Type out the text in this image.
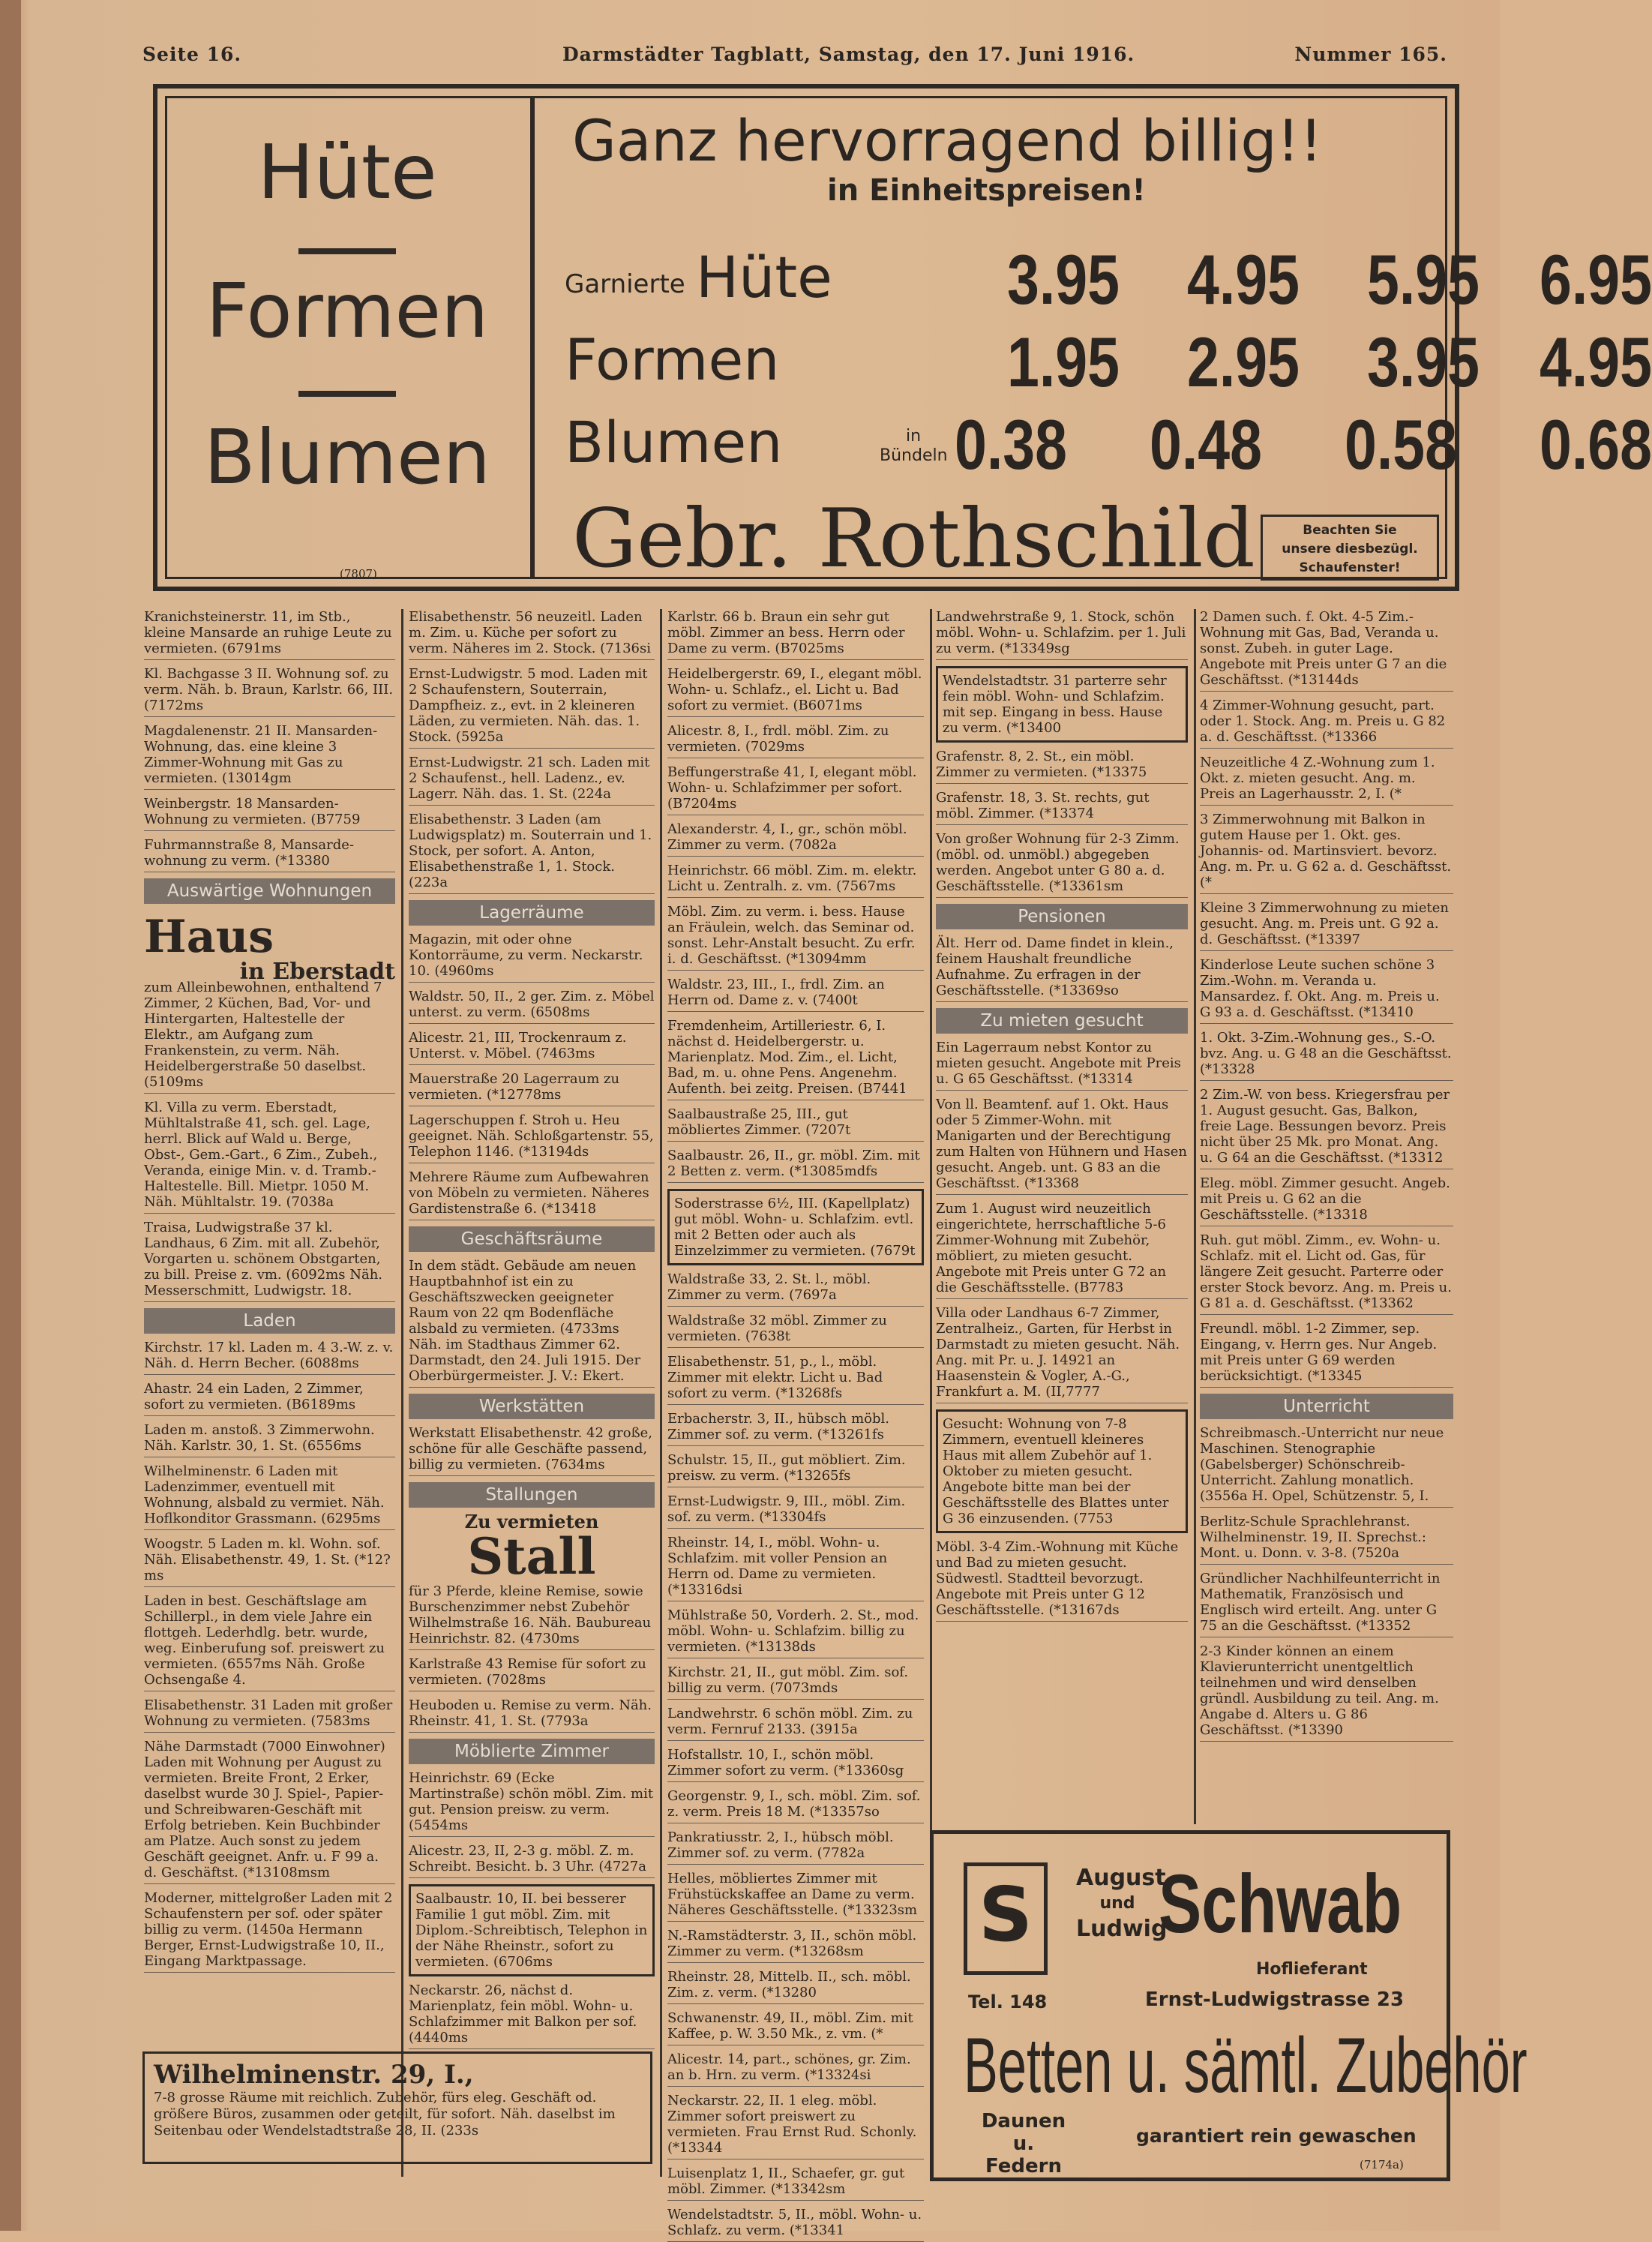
Seite 16.	Darmstädter Tagblatt, Samstag, den 17. Juni 1916.	Nummer 165.
Hüte
Formen
Blumen
(7807)
Ganz hervorragend billig!!
in Einheitspreisen!
Garnierte Hüte 3.95 4.95 5.95 6.95
Formen	1.95 2.95 3.95 4.95
Blumen	in Bündeln 0.38 0.48 0.58 0.68
Gebr. Rothschild	Beachten Sie
unsere diesbezügl.
Schaufenster!
Kranichsteinerstr. 11, im Stb., kleine Mansarde an ruhige Leute zu vermieten. (6791ms
Kl. Bachgasse 3 II. Wohnung sof. zu verm. Näh. b. Braun, Karlstr. 66, III. (7172ms
Magdalenenstr. 21 II. Mansarden-Wohnung, das. eine kleine 3 Zimmer-Wohnung mit Gas zu vermieten. (13014gm
Weinbergstr. 18 Mansarden-Wohnung zu vermieten. (B7759
Fuhrmannstraße 8, Mansarde-wohnung zu verm. (*13380
Auswärtige Wohnungen
Haus
in Eberstadt
zum Alleinbewohnen, enthaltend 7 Zimmer, 2 Küchen, Bad, Vor- und Hintergarten, Haltestelle der Elektr., am Aufgang zum Frankenstein, zu verm. Näh. Heidelbergerstraße 50 daselbst. (5109ms
Kl. Villa zu verm. Eberstadt, Mühltalstraße 41, sch. gel. Lage, herrl. Blick auf Wald u. Berge, Obst-, Gem.-Gart., 6 Zim., Zubeh., Veranda, einige Min. v. d. Tramb.-Haltestelle. Bill. Mietpr. 1050 M. Näh. Mühltalstr. 19. (7038a
Traisa, Ludwigstraße 37 kl. Landhaus, 6 Zim. mit all. Zubehör, Vorgarten u. schönem Obstgarten, zu bill. Preise z. vm. (6092ms Näh. Messerschmitt, Ludwigstr. 18.
Laden
Kirchstr. 17 kl. Laden m. 4 3.-W. z. v. Näh. d. Herrn Becher. (6088ms
Ahastr. 24 ein Laden, 2 Zimmer, sofort zu vermieten. (B6189ms
Laden m. anstoß. 3 Zimmerwohn. Näh. Karlstr. 30, 1. St. (6556ms
Wilhelminenstr. 6 Laden mit Ladenzimmer, eventuell mit Wohnung, alsbald zu vermiet. Näh. Hoflkonditor Grassmann. (6295ms
Woogstr. 5 Laden m. kl. Wohn. sof. Näh. Elisabethenstr. 49, 1. St. (*12?ms
Laden in best. Geschäftslage am Schillerpl., in dem viele Jahre ein flottgeh. Lederhdlg. betr. wurde, weg. Einberufung sof. preiswert zu vermieten. (6557ms Näh. Große Ochsengaße 4.
Elisabethenstr. 31 Laden mit großer Wohnung zu vermieten. (7583ms
Nähe Darmstadt (7000 Einwohner) Laden mit Wohnung per August zu vermieten. Breite Front, 2 Erker, daselbst wurde 30 J. Spiel-, Papier- und Schreibwaren-Geschäft mit Erfolg betrieben. Kein Buchbinder am Platze. Auch sonst zu jedem Geschäft geeignet. Anfr. u. F 99 a. d. Geschäftst. (*13108msm
Moderner, mittelgroßer Laden mit 2 Schaufenstern per sof. oder später billig zu verm. (1450a Hermann Berger, Ernst-Ludwigstraße 10, II., Eingang Marktpassage.
Elisabethenstr. 56 neuzeitl. Laden m. Zim. u. Küche per sofort zu verm. Näheres im 2. Stock. (7136si
Ernst-Ludwigstr. 5 mod. Laden mit 2 Schaufenstern, Souterrain, Dampfheiz. z., evt. in 2 kleineren Läden, zu vermieten. Näh. das. 1. Stock. (5925a
Ernst-Ludwigstr. 21 sch. Laden mit 2 Schaufenst., hell. Ladenz., ev. Lagerr. Näh. das. 1. St. (224a
Elisabethenstr. 3 Laden (am Ludwigsplatz) m. Souterrain und 1. Stock, per sofort. A. Anton, Elisabethenstraße 1, 1. Stock. (223a
Lagerräume
Magazin, mit oder ohne Kontorräume, zu verm. Neckarstr. 10. (4960ms
Waldstr. 50, II., 2 ger. Zim. z. Möbel unterst. zu verm. (6508ms
Alicestr. 21, III, Trockenraum z. Unterst. v. Möbel. (7463ms
Mauerstraße 20 Lagerraum zu vermieten. (*12778ms
Lagerschuppen f. Stroh u. Heu geeignet. Näh. Schloßgartenstr. 55, Telephon 1146. (*13194ds
Mehrere Räume zum Aufbewahren von Möbeln zu vermieten. Näheres Gardistenstraße 6. (*13418
Geschäftsräume
In dem städt. Gebäude am neuen Hauptbahnhof ist ein zu Geschäftszwecken geeigneter Raum von 22 qm Bodenfläche alsbald zu vermieten. (4733ms Näh. im Stadthaus Zimmer 62. Darmstadt, den 24. Juli 1915. Der Oberbürgermeister. J. V.: Ekert.
Werkstätten
Werkstatt Elisabethenstr. 42 große, schöne für alle Geschäfte passend, billig zu vermieten. (7634ms
Stallungen
Zu vermieten
Stall
für 3 Pferde, kleine Remise, sowie Burschenzimmer nebst Zubehör Wilhelmstraße 16. Näh. Baubureau Heinrichstr. 82. (4730ms
Karlstraße 43 Remise für sofort zu vermieten. (7028ms
Heuboden u. Remise zu verm. Näh. Rheinstr. 41, 1. St. (7793a
Möblierte Zimmer
Heinrichstr. 69 (Ecke Martinstraße) schön möbl. Zim. mit gut. Pension preisw. zu verm. (5454ms
Alicestr. 23, II, 2-3 g. möbl. Z. m. Schreibt. Besicht. b. 3 Uhr. (4727a
Saalbaustr. 10, II. bei besserer Familie 1 gut möbl. Zim. mit Diplom.-Schreibtisch, Telephon in der Nähe Rheinstr., sofort zu vermieten. (6706ms
Neckarstr. 26, nächst d. Marienplatz, fein möbl. Wohn- u. Schlafzimmer mit Balkon per sof. (4440ms
Karlstr. 66 b. Braun ein sehr gut möbl. Zimmer an bess. Herrn oder Dame zu verm. (B7025ms
Heidelbergerstr. 69, I., elegant möbl. Wohn- u. Schlafz., el. Licht u. Bad sofort zu vermiet. (B6071ms
Alicestr. 8, I., frdl. möbl. Zim. zu vermieten. (7029ms
Beffungerstraße 41, I, elegant möbl. Wohn- u. Schlafzimmer per sofort. (B7204ms
Alexanderstr. 4, I., gr., schön möbl. Zimmer zu verm. (7082a
Heinrichstr. 66 möbl. Zim. m. elektr. Licht u. Zentralh. z. vm. (7567ms
Möbl. Zim. zu verm. i. bess. Hause an Fräulein, welch. das Seminar od. sonst. Lehr-Anstalt besucht. Zu erfr. i. d. Geschäftsst. (*13094mm
Waldstr. 23, III., I., frdl. Zim. an Herrn od. Dame z. v. (7400t
Fremdenheim, Artilleriestr. 6, I. nächst d. Heidelbergerstr. u. Marienplatz. Mod. Zim., el. Licht, Bad, m. u. ohne Pens. Angenehm. Aufenth. bei zeitg. Preisen. (B7441
Saalbaustraße 25, III., gut möbliertes Zimmer. (7207t
Saalbaustr. 26, II., gr. möbl. Zim. mit 2 Betten z. verm. (*13085mdfs
Soderstrasse 6½, III. (Kapellplatz) gut möbl. Wohn- u. Schlafzim. evtl. mit 2 Betten oder auch als Einzelzimmer zu vermieten. (7679t
Waldstraße 33, 2. St. l., möbl. Zimmer zu verm. (7697a
Waldstraße 32 möbl. Zimmer zu vermieten. (7638t
Elisabethenstr. 51, p., l., möbl. Zimmer mit elektr. Licht u. Bad sofort zu verm. (*13268fs
Erbacherstr. 3, II., hübsch möbl. Zimmer sof. zu verm. (*13261fs
Schulstr. 15, II., gut möbliert. Zim. preisw. zu verm. (*13265fs
Ernst-Ludwigstr. 9, III., möbl. Zim. sof. zu verm. (*13304fs
Rheinstr. 14, I., möbl. Wohn- u. Schlafzim. mit voller Pension an Herrn od. Dame zu vermieten. (*13316dsi
Mühlstraße 50, Vorderh. 2. St., mod. möbl. Wohn- u. Schlafzim. billig zu vermieten. (*13138ds
Kirchstr. 21, II., gut möbl. Zim. sof. billig zu verm. (7073mds
Landwehrstr. 6 schön möbl. Zim. zu verm. Fernruf 2133. (3915a
Hofstallstr. 10, I., schön möbl. Zimmer sofort zu verm. (*13360sg
Georgenstr. 9, I., sch. möbl. Zim. sof. z. verm. Preis 18 M. (*13357so
Pankratiusstr. 2, I., hübsch möbl. Zimmer sof. zu verm. (7782a
Helles, möbliertes Zimmer mit Frühstückskaffee an Dame zu verm. Näheres Geschäftsstelle. (*13323sm
N.-Ramstädterstr. 3, II., schön möbl. Zimmer zu verm. (*13268sm
Rheinstr. 28, Mittelb. II., sch. möbl. Zim. z. verm. (*13280
Schwanenstr. 49, II., möbl. Zim. mit Kaffee, p. W. 3.50 Mk., z. vm. (*
Alicestr. 14, part., schönes, gr. Zim. an b. Hrn. zu verm. (*13324si
Neckarstr. 22, II. 1 eleg. möbl. Zimmer sofort preiswert zu vermieten. Frau Ernst Rud. Schonly. (*13344
Luisenplatz 1, II., Schaefer, gr. gut möbl. Zimmer. (*13342sm
Wendelstadtstr. 5, II., möbl. Wohn- u. Schlafz. zu verm. (*13341
Landwehrstraße 9, 1. Stock, schön möbl. Wohn- u. Schlafzim. per 1. Juli zu verm. (*13349sg
Wendelstadtstr. 31 parterre sehr fein möbl. Wohn- und Schlafzim. mit sep. Eingang in bess. Hause zu verm. (*13400
Grafenstr. 8, 2. St., ein möbl. Zimmer zu vermieten. (*13375
Grafenstr. 18, 3. St. rechts, gut möbl. Zimmer. (*13374
Von großer Wohnung für 2-3 Zimm. (möbl. od. unmöbl.) abgegeben werden. Angebot unter G 80 a. d. Geschäftsstelle. (*13361sm
Pensionen
Ält. Herr od. Dame findet in klein., feinem Haushalt freundliche Aufnahme. Zu erfragen in der Geschäftsstelle. (*13369so
Zu mieten gesucht
Ein Lagerraum nebst Kontor zu mieten gesucht. Angebote mit Preis u. G 65 Geschäftsst. (*13314
Von ll. Beamtenf. auf 1. Okt. Haus oder 5 Zimmer-Wohn. mit Manigarten und der Berechtigung zum Halten von Hühnern und Hasen gesucht. Angeb. unt. G 83 an die Geschäftsst. (*13368
Zum 1. August wird neuzeitlich eingerichtete, herrschaftliche 5-6 Zimmer-Wohnung mit Zubehör, möbliert, zu mieten gesucht. Angebote mit Preis unter G 72 an die Geschäftsstelle. (B7783
Villa oder Landhaus 6-7 Zimmer, Zentralheiz., Garten, für Herbst in Darmstadt zu mieten gesucht. Näh. Ang. mit Pr. u. J. 14921 an Haasenstein & Vogler, A.-G., Frankfurt a. M. (II,7777
Gesucht: Wohnung von 7-8 Zimmern, eventuell kleineres Haus mit allem Zubehör auf 1. Oktober zu mieten gesucht. Angebote bitte man bei der Geschäftsstelle des Blattes unter G 36 einzusenden. (7753
Möbl. 3-4 Zim.-Wohnung mit Küche und Bad zu mieten gesucht. Südwestl. Stadtteil bevorzugt. Angebote mit Preis unter G 12 Geschäftsstelle. (*13167ds
2 Damen such. f. Okt. 4-5 Zim.-Wohnung mit Gas, Bad, Veranda u. sonst. Zubeh. in guter Lage. Angebote mit Preis unter G 7 an die Geschäftsst. (*13144ds
4 Zimmer-Wohnung gesucht, part. oder 1. Stock. Ang. m. Preis u. G 82 a. d. Geschäftsst. (*13366
Neuzeitliche 4 Z.-Wohnung zum 1. Okt. z. mieten gesucht. Ang. m. Preis an Lagerhausstr. 2, I. (*
3 Zimmerwohnung mit Balkon in gutem Hause per 1. Okt. ges. Johannis- od. Martinsviert. bevorz. Ang. m. Pr. u. G 62 a. d. Geschäftsst. (*
Kleine 3 Zimmerwohnung zu mieten gesucht. Ang. m. Preis unt. G 92 a. d. Geschäftsst. (*13397
Kinderlose Leute suchen schöne 3 Zim.-Wohn. m. Veranda u. Mansardez. f. Okt. Ang. m. Preis u. G 93 a. d. Geschäftsst. (*13410
1. Okt. 3-Zim.-Wohnung ges., S.-O. bvz. Ang. u. G 48 an die Geschäftsst. (*13328
2 Zim.-W. von bess. Kriegersfrau per 1. August gesucht. Gas, Balkon, freie Lage. Bessungen bevorz. Preis nicht über 25 Mk. pro Monat. Ang. u. G 64 an die Geschäftsst. (*13312
Eleg. möbl. Zimmer gesucht. Angeb. mit Preis u. G 62 an die Geschäftsstelle. (*13318
Ruh. gut möbl. Zimm., ev. Wohn- u. Schlafz. mit el. Licht od. Gas, für längere Zeit gesucht. Parterre oder erster Stock bevorz. Ang. m. Preis u. G 81 a. d. Geschäftsst. (*13362
Freundl. möbl. 1-2 Zimmer, sep. Eingang, v. Herrn ges. Nur Angeb. mit Preis unter G 69 werden berücksichtigt. (*13345
Unterricht
Schreibmasch.-Unterricht nur neue Maschinen. Stenographie (Gabelsberger) Schönschreib-Unterricht. Zahlung monatlich. (3556a H. Opel, Schützenstr. 5, I.
Berlitz-Schule Sprachlehranst. Wilhelminenstr. 19, II. Sprechst.: Mont. u. Donn. v. 3-8. (7520a
Gründlicher Nachhilfeunterricht in Mathematik, Französisch und Englisch wird erteilt. Ang. unter G 75 an die Geschäftsst. (*13352
2-3 Kinder können an einem Klavierunterricht unentgeltlich teilnehmen und wird denselben gründl. Ausbildung zu teil. Ang. m. Angabe d. Alters u. G 86 Geschäftsst. (*13390
Wilhelminenstr. 29, I.,
7-8 grosse Räume mit reichlich. Zubehör, fürs eleg. Geschäft od. größere Büros, zusammen oder geteilt, für sofort. Näh. daselbst im Seitenbau oder Wendelstadtstraße 28, II. (233s
S	August
und
Ludwig
Schwab
Hoflieferant
Tel. 148	Ernst-Ludwigstrasse 23
Betten u. sämtl. Zubehör
Daunen
u. Federn
garantiert rein gewaschen
(7174a)
